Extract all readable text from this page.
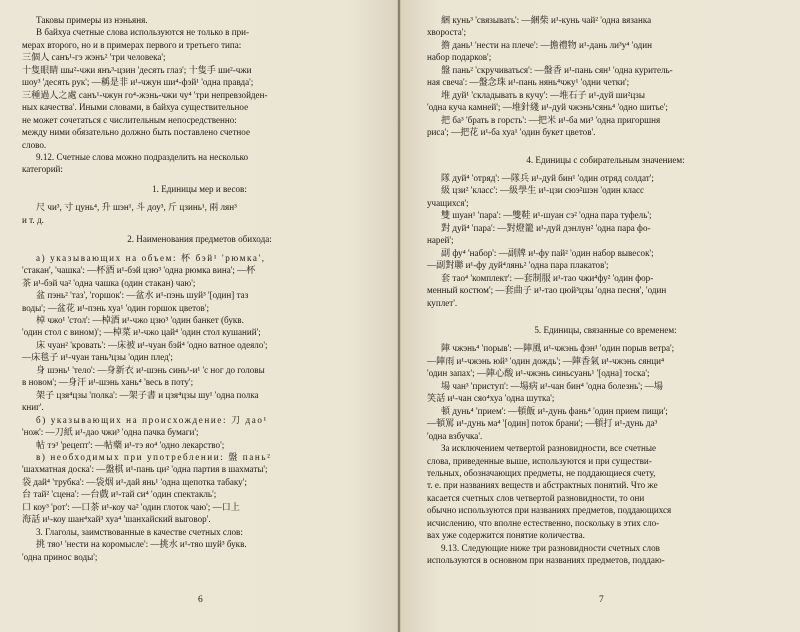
Таковы примеры из нэньяня.

В байхуа счетные слова используются не только в при-

мерах второго, но и в примерах первого и третьего типа:

三個人 санъ¹-гэ жэнъ² 'три человека';

十隻眼睛 шы²-чжи янъ³-цзин 'десять глаз'; 十隻手 ши²-чжи

шоу³ 'десять рук'; —稱是非 и¹-чжун ши⁴-фэй¹ 'одна правда';

三種過人之處 санъ¹-чжун го⁴-жэнь-чжи чу⁴ 'три непревзойден-

ных качества'. Иными словами, в байхуа существительное

не может сочетаться с числительным непосредственно:

между ними обязательно должно быть поставлено счетное

слово.

9.12. Счетные слова можно подразделить на несколько

категорий:

1. Единицы мер и весов:

尺 чи³, 寸 цунь⁴, 升 шэн¹, 斗 доу³, 斤 цзинь¹, 兩 лян³

и т. д.

2. Наименования предметов обихода:

а) указывающих на объем: 杯 бэй¹ 'рюмка',

'стакан', 'чашка': —杯酒 и¹-бэй цзю³ 'одна рюмка вина'; —杯

茶 и¹-бэй ча² 'одна чашка (один стакан) чаю';

盆 пэнь² 'таз', 'горшок': —盆水 и¹-пэнь шуй³ '[один] таз

воды'; —盆花 и¹-пэнь хуа¹ 'один горшок цветов';

棹 чжо¹ 'стол': —棹酒 и¹-чжо цзю³ 'один банкет (букв.

'один стол с вином)'; —棹菜 и¹-чжо цай⁴ 'один стол кушаний';

床 чуан² 'кровать': —床被 и¹-чуан бэй⁴ 'одно ватное одеяло';

—床毯子 и¹-чуан тань³цзы 'один плед';

身 шэнь¹ 'тело': —身新衣 и¹-шэнь синь¹-и¹ 'с ног до головы

в новом'; —身汗 и¹-шэнь хань⁴ 'весь в поту';

架子 цзя⁴цзы 'полка': —架子書 и цзя⁴цзы шу¹ 'одна полка

книг'.

б) указывающих на происхождение: 刀 дао¹

'нож': —刀紙 и¹-дао чжи³ 'одна пачка бумаги';

帖 тэ³ 'рецепт': —帖藥 и¹-тэ яо⁴ 'одно лекарство';

в) необходимых при употреблении: 盤 пань²

'шахматная доска': —盤棋 и¹-пань ци² 'одна партия в шахматы';

袋 дай⁴ 'трубка': —袋烟 и¹-дай янь¹ 'одна щепотка табаку';

台 тай² 'сцена': —台戲 и¹-тай си⁴ 'один спектакль';

口 коу³ 'рот': —口茶 и¹-коу ча² 'один глоток чаю'; —口上

海話 и¹-коу шан⁴хай³ хуа⁴ 'шанхайский выговор'.

3. Глаголы, заимствованные в качестве счетных слов:

挑 тяо¹ 'нести на коромысле': —挑水 и¹-тяо шуй³ букв.

'одна принос воды';

6

綑 кунь³ 'связывать': —綑柴 и¹-кунь чай² 'одна вязанка

хвороста';

擔 дань¹ 'нести на плече': —擔禮物 и¹-дань ли³у⁴ 'один

набор подарков';

盤 пань² 'скручиваться': —盤香 и¹-пань сян¹ 'одна куритель-

ная свеча': —盤念珠 и¹-пань нянь⁴чжу¹ 'одни четки';

堆 дуй¹ 'складывать в кучу': —堆石子 и¹-дуй ши²цзы

'одна куча камней'; —堆針綫 и¹-дуй чжэнь¹сянь⁴ 'одно шитье';

把 ба³ 'брать в горсть': —把米 и¹-ба ми³ 'одна пригоршня

риса'; —把花 и¹-ба хуа¹ 'один букет цветов'.

4. Единицы с собирательным значением:

隊 дуй⁴ 'отряд': —隊兵 и¹-дуй бин¹ 'один отряд солдат';

級 цзи² 'класс': —級學生 и¹-цзи сюэ²шэн 'один класс

учащихся';

雙 шуан¹ 'пара': —雙鞋 и¹-шуан сэ² 'одна пара туфель';

對 дуй⁴ 'пара': —對燈籠 и¹-дуй дэнлун² 'одна пара фо-

нарей';

副 фу⁴ 'набор': —副牌 и¹-фу пай² 'один набор вывесок';

—副對聯 и¹-фу дуй⁴лянь² 'одна пара плакатов';

套 тао⁴ 'комплект': —套制服 и¹-тао чжи⁴фу² 'один фор-

менный костюм'; —套曲子 и¹-тао цюй³цзы 'одна песня', 'один

куплет'.

5. Единицы, связанные со временем:

陣 чжэнь⁴ 'порыв': —陣風 и¹-чжэнь фэн¹ 'один порыв ветра';

—陣雨 и¹-чжэнь юй³ 'один дождь'; —陣香氣 и¹-чжэнь сянци⁴

'один запах'; —陣心酸 и¹-чжэнь синьсуань¹ '[одна] тоска';

場 чан³ 'приступ': —場病 и¹-чан бин⁴ 'одна болезнь'; —場

笑話 и¹-чан сяо⁴хуа 'одна шутка';

頓 дунь⁴ 'прием': —頓飯 и¹-дунь фань⁴ 'один прием пищи';

—頓罵 и¹-дунь ма⁴ '[один] поток брани'; —頓打 и¹-дунь да³

'одна взбучка'.

За исключением четвертой разновидности, все счетные

слова, приведенные выше, используются и при существи-

тельных, обозначающих предметы, не поддающиеся счету,

т. е. при названиях веществ и абстрактных понятий. Что же

касается счетных слов четвертой разновидности, то они

обычно используются при названиях предметов, поддающихся

исчислению, что вполне естественно, поскольку в этих сло-

вах уже содержится понятие количества.

9.13. Следующие ниже три разновидности счетных слов

используются в основном при названиях предметов, поддаю-

7
